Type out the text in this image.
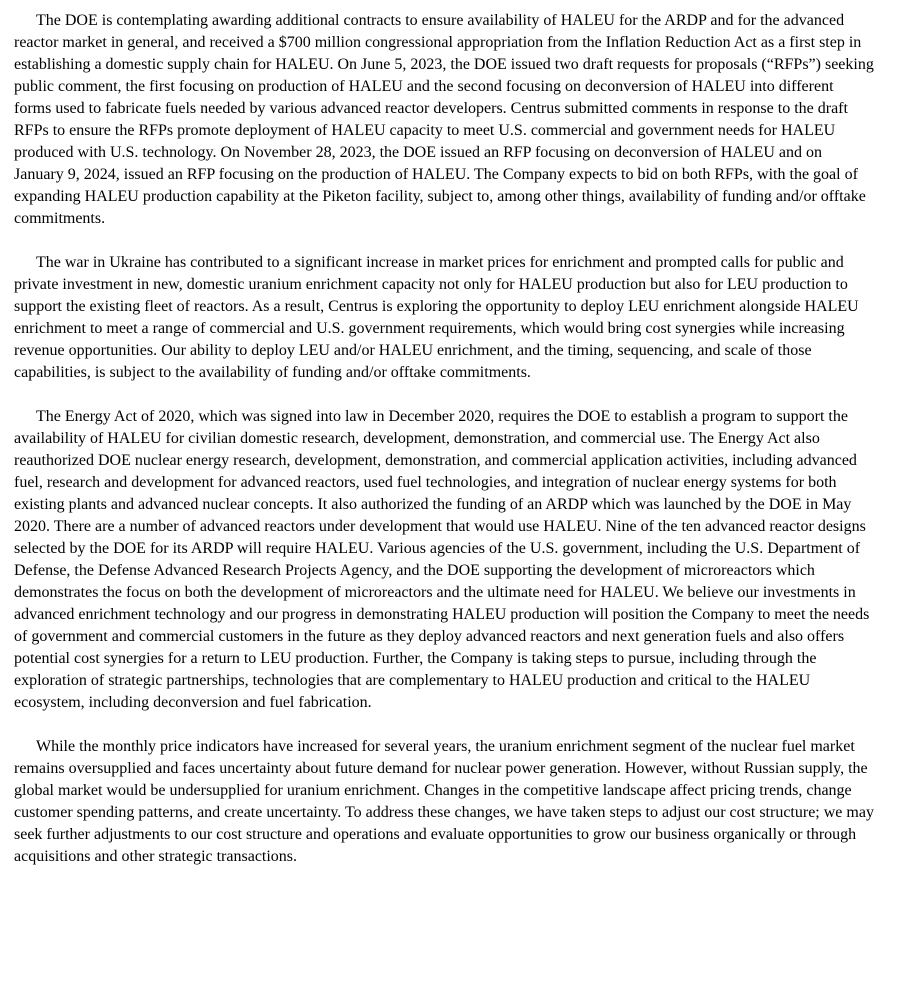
The DOE is contemplating awarding additional contracts to ensure availability of HALEU for the ARDP and for the advanced reactor market in general, and received a $700 million congressional appropriation from the Inflation Reduction Act as a first step in establishing a domestic supply chain for HALEU. On June 5, 2023, the DOE issued two draft requests for proposals (“RFPs”) seeking public comment, the first focusing on production of HALEU and the second focusing on deconversion of HALEU into different forms used to fabricate fuels needed by various advanced reactor developers. Centrus submitted comments in response to the draft RFPs to ensure the RFPs promote deployment of HALEU capacity to meet U.S. commercial and government needs for HALEU produced with U.S. technology. On November 28, 2023, the DOE issued an RFP focusing on deconversion of HALEU and on January 9, 2024, issued an RFP focusing on the production of HALEU. The Company expects to bid on both RFPs, with the goal of expanding HALEU production capability at the Piketon facility, subject to, among other things, availability of funding and/or offtake commitments.

The war in Ukraine has contributed to a significant increase in market prices for enrichment and prompted calls for public and private investment in new, domestic uranium enrichment capacity not only for HALEU production but also for LEU production to support the existing fleet of reactors. As a result, Centrus is exploring the opportunity to deploy LEU enrichment alongside HALEU enrichment to meet a range of commercial and U.S. government requirements, which would bring cost synergies while increasing revenue opportunities. Our ability to deploy LEU and/or HALEU enrichment, and the timing, sequencing, and scale of those capabilities, is subject to the availability of funding and/or offtake commitments.

The Energy Act of 2020, which was signed into law in December 2020, requires the DOE to establish a program to support the availability of HALEU for civilian domestic research, development, demonstration, and commercial use. The Energy Act also reauthorized DOE nuclear energy research, development, demonstration, and commercial application activities, including advanced fuel, research and development for advanced reactors, used fuel technologies, and integration of nuclear energy systems for both existing plants and advanced nuclear concepts. It also authorized the funding of an ARDP which was launched by the DOE in May 2020. There are a number of advanced reactors under development that would use HALEU. Nine of the ten advanced reactor designs selected by the DOE for its ARDP will require HALEU. Various agencies of the U.S. government, including the U.S. Department of Defense, the Defense Advanced Research Projects Agency, and the DOE supporting the development of microreactors which demonstrates the focus on both the development of microreactors and the ultimate need for HALEU. We believe our investments in advanced enrichment technology and our progress in demonstrating HALEU production will position the Company to meet the needs of government and commercial customers in the future as they deploy advanced reactors and next generation fuels and also offers potential cost synergies for a return to LEU production. Further, the Company is taking steps to pursue, including through the exploration of strategic partnerships, technologies that are complementary to HALEU production and critical to the HALEU ecosystem, including deconversion and fuel fabrication.

While the monthly price indicators have increased for several years, the uranium enrichment segment of the nuclear fuel market remains oversupplied and faces uncertainty about future demand for nuclear power generation. However, without Russian supply, the global market would be undersupplied for uranium enrichment. Changes in the competitive landscape affect pricing trends, change customer spending patterns, and create uncertainty. To address these changes, we have taken steps to adjust our cost structure; we may seek further adjustments to our cost structure and operations and evaluate opportunities to grow our business organically or through acquisitions and other strategic transactions.
